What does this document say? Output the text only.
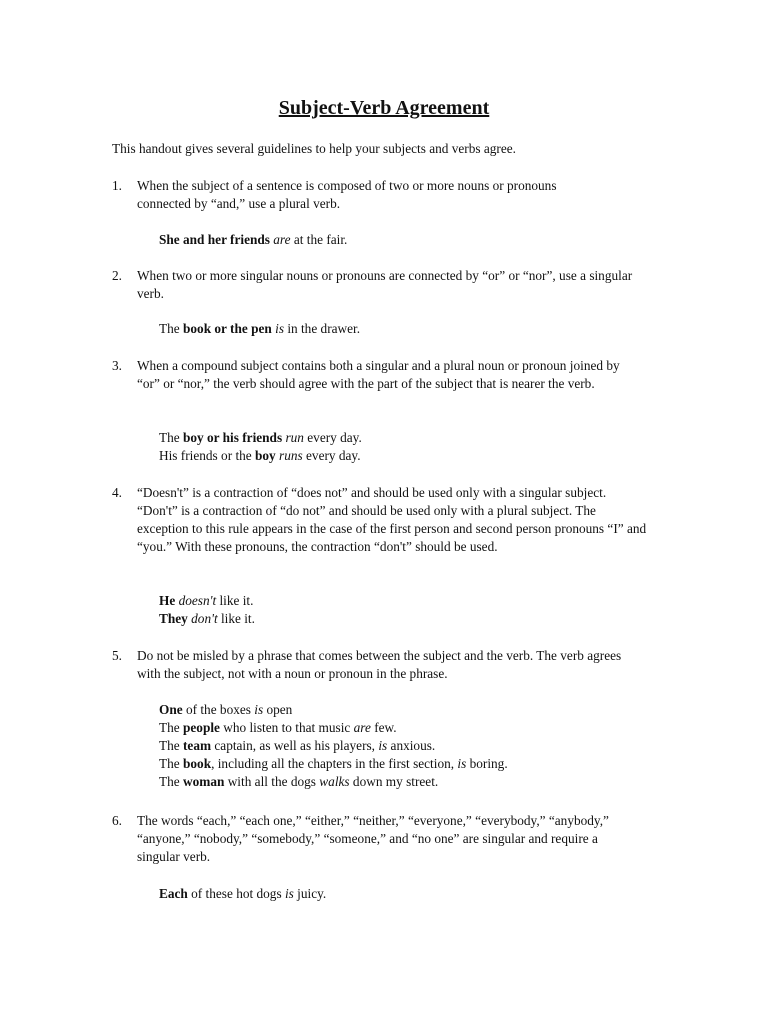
Subject-Verb Agreement
This handout gives several guidelines to help your subjects and verbs agree.
1.	When the subject of a sentence is composed of two or more nouns or pronouns connected by “and,” use a plural verb.
She and her friends are at the fair.
2.	When two or more singular nouns or pronouns are connected by “or” or “nor”, use a singular verb.
The book or the pen is in the drawer.
3.	When a compound subject contains both a singular and a plural noun or pronoun joined by “or” or “nor,” the verb should agree with the part of the subject that is nearer the verb.
The boy or his friends run every day.
His friends or the boy runs every day.
4.	“Doesn't” is a contraction of “does not” and should be used only with a singular subject. “Don't” is a contraction of “do not” and should be used only with a plural subject. The exception to this rule appears in the case of the first person and second person pronouns “I” and “you.” With these pronouns, the contraction “don't” should be used.
He doesn't like it.
They don't like it.
5.	Do not be misled by a phrase that comes between the subject and the verb. The verb agrees with the subject, not with a noun or pronoun in the phrase.
One of the boxes is open
The people who listen to that music are few.
The team captain, as well as his players, is anxious.
The book, including all the chapters in the first section, is boring.
The woman with all the dogs walks down my street.
6.	The words “each,” “each one,” “either,” “neither,” “everyone,” “everybody,” “anybody,” “anyone,” “nobody,” “somebody,” “someone,” and “no one” are singular and require a singular verb.
Each of these hot dogs is juicy.
